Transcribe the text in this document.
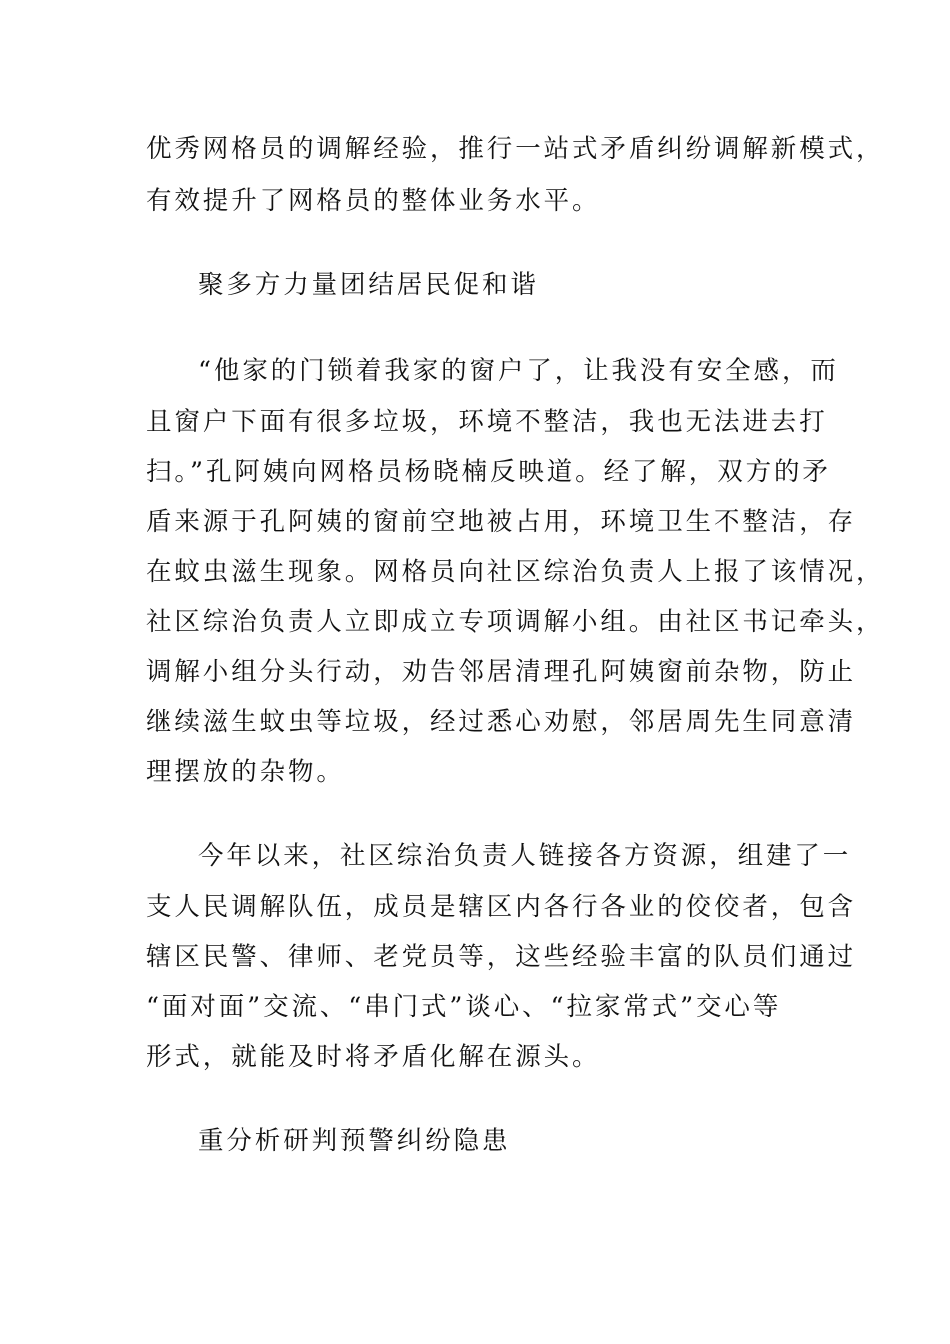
优秀网格员的调解经验，推行一站式矛盾纠纷调解新模式，

有效提升了网格员的整体业务水平。

聚多方力量团结居民促和谐

“他家的门锁着我家的窗户了，让我没有安全感，而

且窗户下面有很多垃圾，环境不整洁，我也无法进去打

扫。”孔阿姨向网格员杨晓楠反映道。经了解，双方的矛

盾来源于孔阿姨的窗前空地被占用，环境卫生不整洁，存

在蚊虫滋生现象。网格员向社区综治负责人上报了该情况，

社区综治负责人立即成立专项调解小组。由社区书记牵头，

调解小组分头行动，劝告邻居清理孔阿姨窗前杂物，防止

继续滋生蚊虫等垃圾，经过悉心劝慰，邻居周先生同意清

理摆放的杂物。

今年以来，社区综治负责人链接各方资源，组建了一

支人民调解队伍，成员是辖区内各行各业的佼佼者，包含

辖区民警、律师、老党员等，这些经验丰富的队员们通过

“面对面”交流、“串门式”谈心、“拉家常式”交心等

形式，就能及时将矛盾化解在源头。

重分析研判预警纠纷隐患
